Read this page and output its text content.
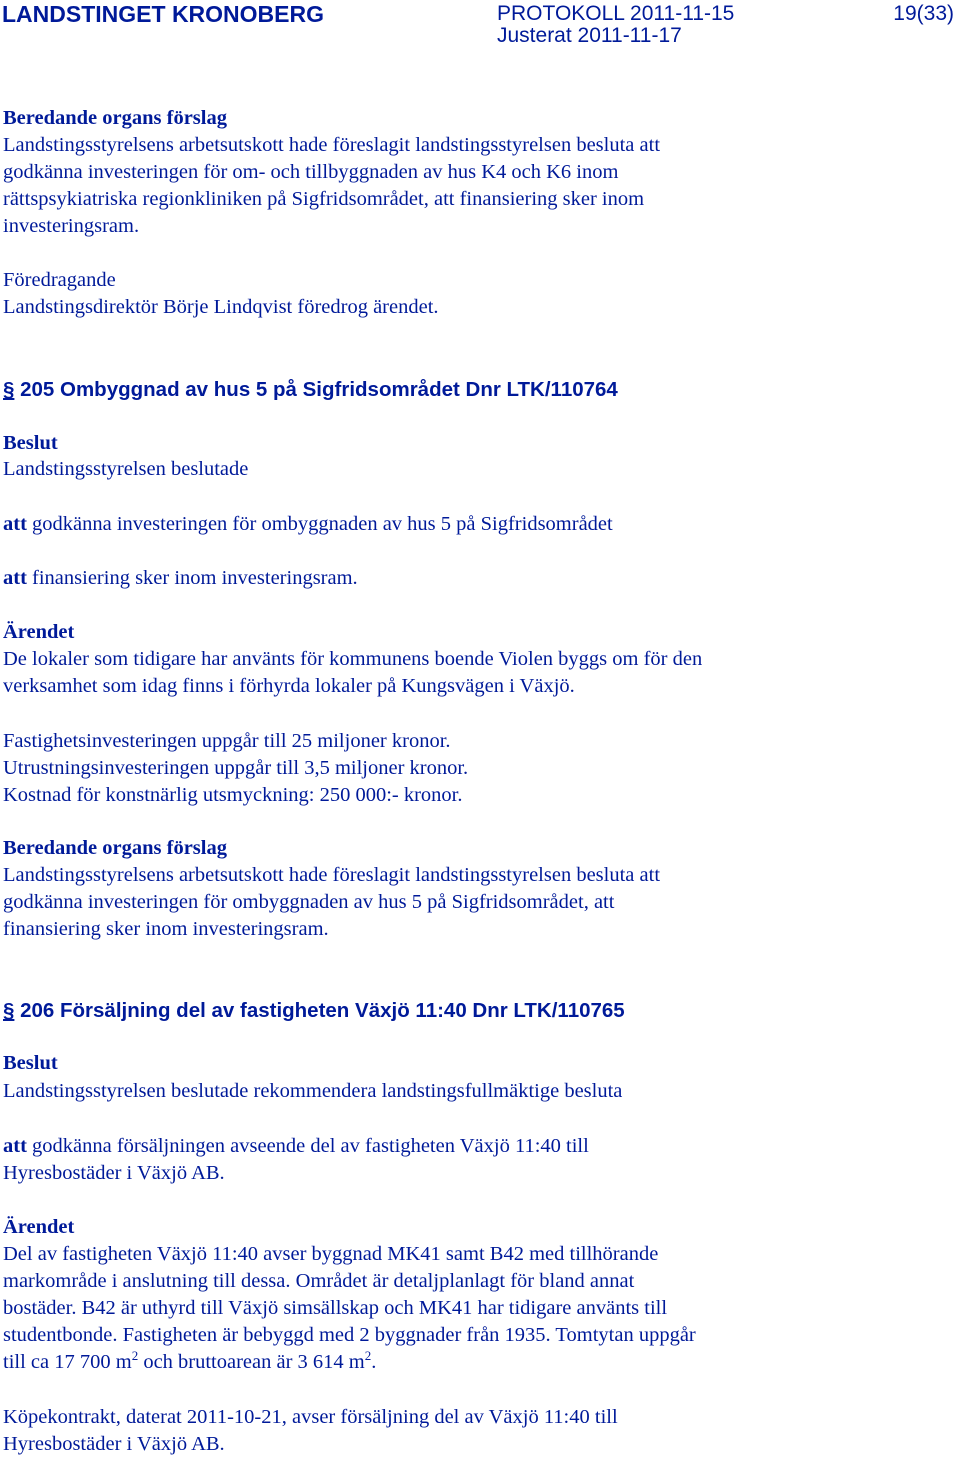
LANDSTINGET KRONOBERG	PROTOKOLL 2011-11-15
Justerat 2011-11-17
19(33)
Beredande organs förslag
Landstingsstyrelsens arbetsutskott hade föreslagit landstingsstyrelsen besluta att
godkänna investeringen för om- och tillbyggnaden av hus K4 och K6 inom
rättspsykiatriska regionkliniken på Sigfridsområdet, att finansiering sker inom
investeringsram.
Föredragande
Landstingsdirektör Börje Lindqvist föredrog ärendet.
§ 205 Ombyggnad av hus 5 på Sigfridsområdet Dnr LTK/110764
Beslut
Landstingsstyrelsen beslutade
att godkänna investeringen för ombyggnaden av hus 5 på Sigfridsområdet
att finansiering sker inom investeringsram.
Ärendet
De lokaler som tidigare har använts för kommunens boende Violen byggs om för den
verksamhet som idag finns i förhyrda lokaler på Kungsvägen i Växjö.
Fastighetsinvesteringen uppgår till 25 miljoner kronor.
Utrustningsinvesteringen uppgår till 3,5 miljoner kronor.
Kostnad för konstnärlig utsmyckning: 250 000:- kronor.
Beredande organs förslag
Landstingsstyrelsens arbetsutskott hade föreslagit landstingsstyrelsen besluta att
godkänna investeringen för ombyggnaden av hus 5 på Sigfridsområdet, att
finansiering sker inom investeringsram.
§ 206 Försäljning del av fastigheten Växjö 11:40 Dnr LTK/110765
Beslut
Landstingsstyrelsen beslutade rekommendera landstingsfullmäktige besluta
att godkänna försäljningen avseende del av fastigheten Växjö 11:40 till
Hyresbostäder i Växjö AB.
Ärendet
Del av fastigheten Växjö 11:40 avser byggnad MK41 samt B42 med tillhörande
markområde i anslutning till dessa. Området är detaljplanlagt för bland annat
bostäder. B42 är uthyrd till Växjö simsällskap och MK41 har tidigare använts till
studentbonde. Fastigheten är bebyggd med 2 byggnader från 1935. Tomtytan uppgår
till ca 17 700 $m^2$ och bruttoarean är 3 614 $m^2$.
Köpekontrakt, daterat 2011-10-21, avser försäljning del av Växjö 11:40 till
Hyresbostäder i Växjö AB.
